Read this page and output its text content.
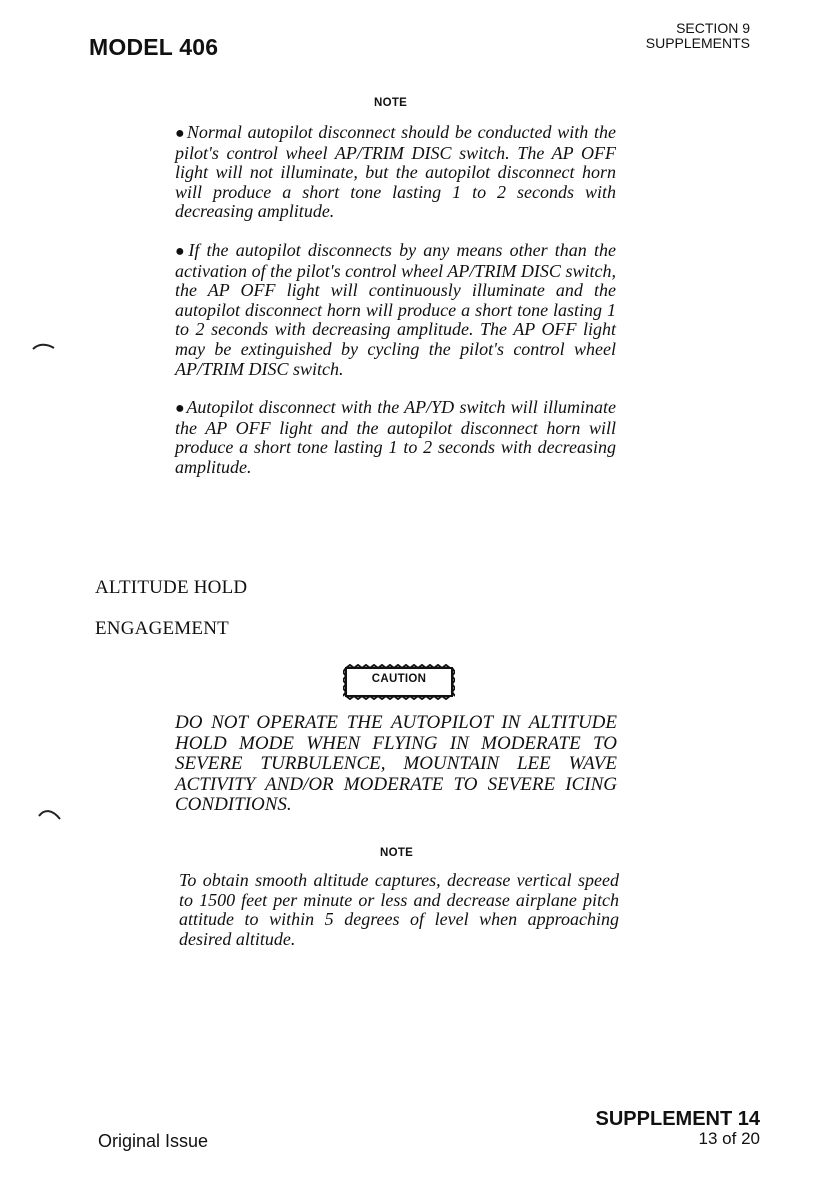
MODEL 406
SECTION 9
SUPPLEMENTS
NOTE

●Normal autopilot disconnect should be conducted with the pilot's control wheel AP/TRIM DISC switch. The AP OFF light will not illuminate, but the autopilot disconnect horn will produce a short tone lasting 1 to 2 seconds with decreasing amplitude.

●If the autopilot disconnects by any means other than the activation of the pilot's control wheel AP/TRIM DISC switch, the AP OFF light will continuously illuminate and the autopilot disconnect horn will produce a short tone lasting 1 to 2 seconds with decreasing amplitude. The AP OFF light may be extinguished by cycling the pilot's control wheel AP/TRIM DISC switch.

●Autopilot disconnect with the AP/YD switch will illuminate the AP OFF light and the autopilot disconnect horn will produce a short tone lasting 1 to 2 seconds with decreasing amplitude.

ALTITUDE HOLD
ENGAGEMENT
CAUTION
DO NOT OPERATE THE AUTOPILOT IN ALTITUDE HOLD MODE WHEN FLYING IN MODERATE TO SEVERE TURBULENCE, MOUNTAIN LEE WAVE ACTIVITY AND/OR MODERATE TO SEVERE ICING CONDITIONS.
NOTE
To obtain smooth altitude captures, decrease vertical speed to 1500 feet per minute or less and decrease airplane pitch attitude to within 5 degrees of level when approaching desired altitude.
Original Issue
SUPPLEMENT 14
13 of 20
